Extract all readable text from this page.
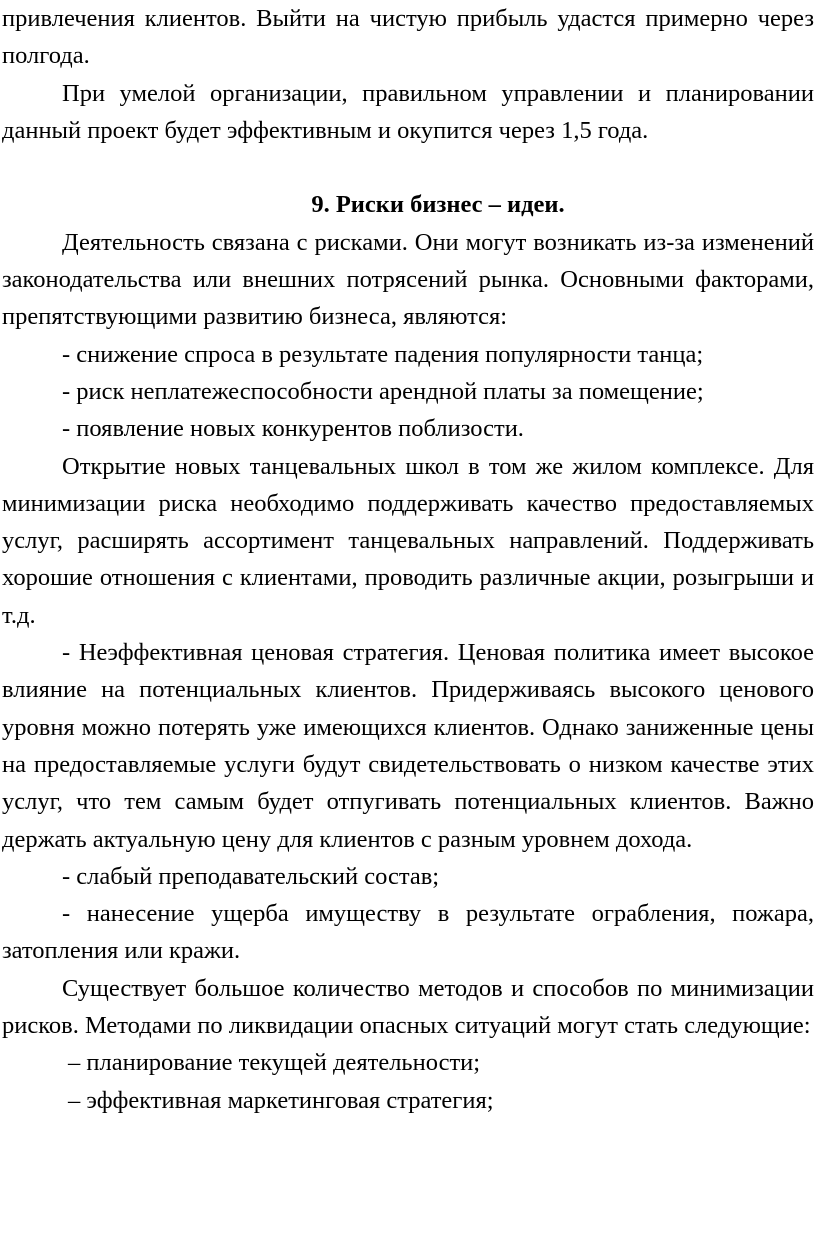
привлечения клиентов. Выйти на чистую прибыль удастся примерно через полгода.

При умелой организации, правильном управлении и планировании данный проект будет эффективным и окупится через 1,5 года.

9. Риски бизнес – идеи.

Деятельность связана с рисками. Они могут возникать из-за изменений законодательства или внешних потрясений рынка. Основными факторами, препятствующими развитию бизнеса, являются:

- снижение спроса в результате падения популярности танца;

- риск неплатежеспособности арендной платы за помещение;

- появление новых конкурентов поблизости.

Открытие новых танцевальных школ в том же жилом комплексе. Для минимизации риска необходимо поддерживать качество предоставляемых услуг, расширять ассортимент танцевальных направлений. Поддерживать хорошие отношения с клиентами, проводить различные акции, розыгрыши и т.д.

- Неэффективная ценовая стратегия. Ценовая политика имеет высокое влияние на потенциальных клиентов. Придерживаясь высокого ценового уровня можно потерять уже имеющихся клиентов. Однако заниженные цены на предоставляемые услуги будут свидетельствовать о низком качестве этих услуг, что тем самым будет отпугивать потенциальных клиентов. Важно держать актуальную цену для клиентов с разным уровнем дохода.

- слабый преподавательский состав;

- нанесение ущерба имуществу в результате ограбления, пожара, затопления или кражи.

Существует большое количество методов и способов по минимизации рисков. Методами по ликвидации опасных ситуаций могут стать следующие:

– планирование текущей деятельности;

– эффективная маркетинговая стратегия;
